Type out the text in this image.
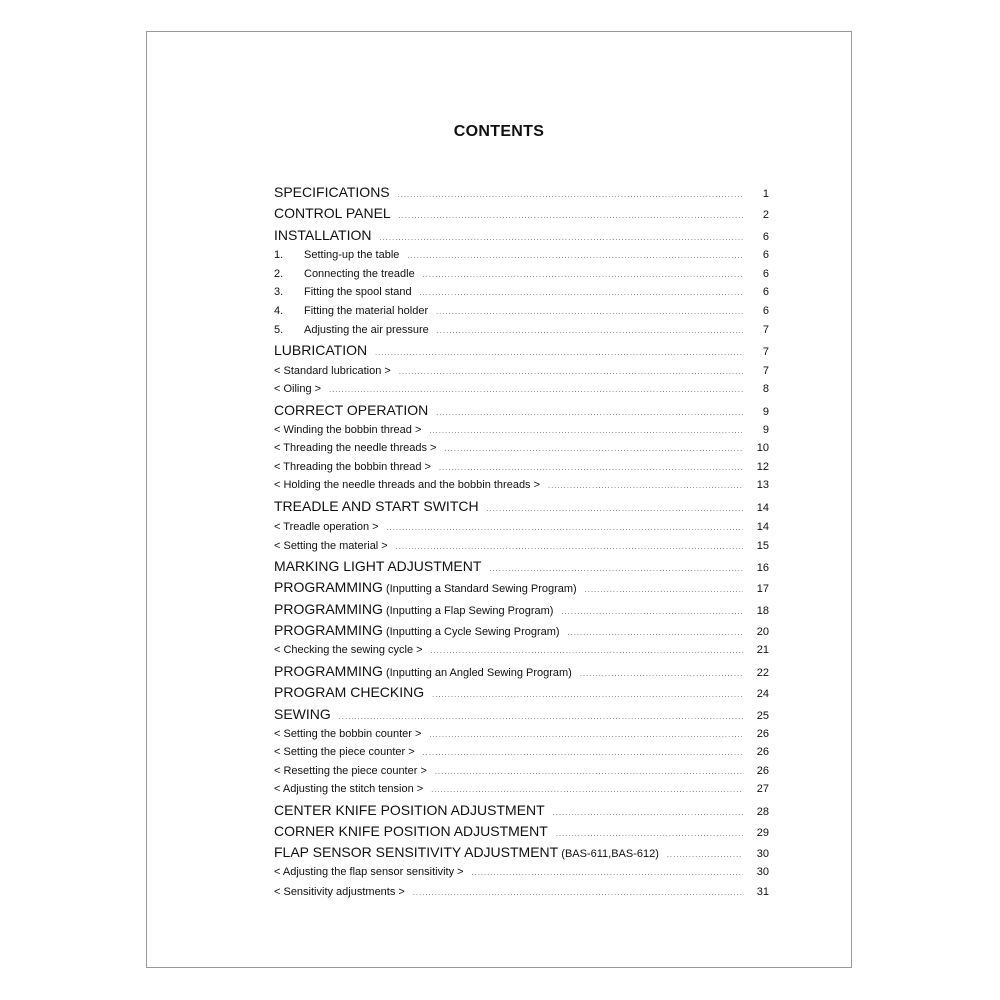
CONTENTS
SPECIFICATIONS .....	1
CONTROL PANEL .....	2
INSTALLATION .....	6
1. Setting-up the table .....	6
2. Connecting the treadle .....	6
3. Fitting the spool stand .....	6
4. Fitting the material holder .....	6
5. Adjusting the air pressure .....	7
LUBRICATION .....	7
< Standard lubrication > .....	7
< Oiling > .....	8
CORRECT OPERATION .....	9
< Winding the bobbin thread > .....	9
< Threading the needle threads > .....	10
< Threading the bobbin thread > .....	12
< Holding the needle threads and the bobbin threads > .....	13
TREADLE AND START SWITCH .....	14
< Treadle operation > .....	14
< Setting the material > .....	15
MARKING LIGHT ADJUSTMENT .....	16
PROGRAMMING (Inputting a Standard Sewing Program) .....	17
PROGRAMMING (Inputting a Flap Sewing Program) .....	18
PROGRAMMING (Inputting a Cycle Sewing Program) .....	20
< Checking the sewing cycle > .....	21
PROGRAMMING (Inputting an Angled Sewing Program) .....	22
PROGRAM CHECKING .....	24
SEWING .....	25
< Setting the bobbin counter > .....	26
< Setting the piece counter > .....	26
< Resetting the piece counter > .....	26
< Adjusting the stitch tension > .....	27
CENTER KNIFE POSITION ADJUSTMENT .....	28
CORNER KNIFE POSITION ADJUSTMENT .....	29
FLAP SENSOR SENSITIVITY ADJUSTMENT (BAS-611,BAS-612) .....	30
< Adjusting the flap sensor sensitivity > .....	30
< Sensitivity adjustments > .....	31
